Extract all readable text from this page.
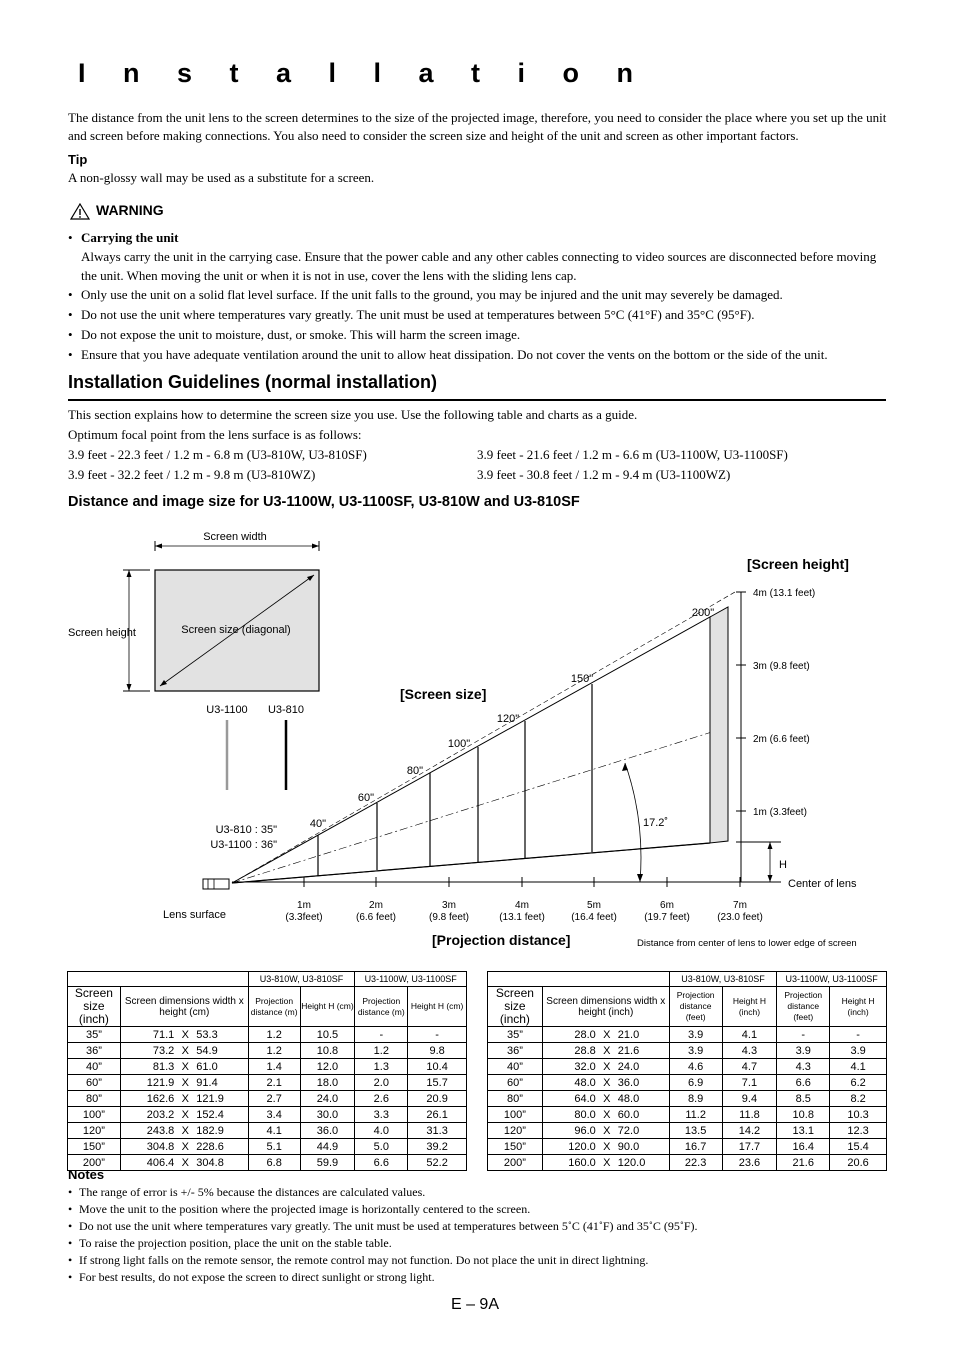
I n s t a l l a t i o n
The distance from the unit lens to the screen determines to the size of the projected image, therefore, you need to consider the place where you set up the unit and screen before making connections. You also need to consider the screen size and height of the unit and screen as other important factors.
Tip
A non-glossy wall may be used as a substitute for a screen.
WARNING
• Carrying the unit
Always carry the unit in the carrying case. Ensure that the power cable and any other cables connecting to video sources are disconnected before moving the unit. When moving the unit or when it is not in use, cover the lens with the sliding lens cap.
• Only use the unit on a solid flat level surface. If the unit falls to the ground, you may be injured and the unit may severely be damaged.
• Do not use the unit where temperatures vary greatly. The unit must be used at temperatures between 5°C (41°F) and 35°C (95°F).
• Do not expose the unit to moisture, dust, or smoke. This will harm the screen image.
• Ensure that you have adequate ventilation around the unit to allow heat dissipation. Do not cover the vents on the bottom or the side of the unit.
Installation Guidelines (normal installation)
This section explains how to determine the screen size you use. Use the following table and charts as a guide.
Optimum focal point from the lens surface is as follows:
3.9 feet - 22.3 feet / 1.2 m - 6.8 m (U3-810W, U3-810SF)	3.9 feet - 21.6 feet / 1.2 m - 6.6 m (U3-1100W, U3-1100SF)
3.9 feet - 32.2 feet / 1.2 m - 9.8 m (U3-810WZ)	3.9 feet - 30.8 feet / 1.2 m - 9.4 m (U3-1100WZ)
Distance and image size for U3-1100W, U3-1100SF, U3-810W and U3-810SF
Screen width
Screen size (diagonal)
Screen height
U3-1100 U3-810
U3-810 : 35"
U3-1100 : 36"
Lens surface
40"
60"
80"
100"
120"
150"
200"
[Screen size]
17.2˚
[Screen height]
4m (13.1 feet)
3m (9.8 feet)
2m (6.6 feet)
1m (3.3feet)
H
Center of lens
1m	2m	3m	4m	5m	6m	7m
(3.3feet)	(6.6 feet)	(9.8 feet)	(13.1 feet)	(16.4 feet)	(19.7 feet)	(23.0 feet)
[Projection distance]	Distance from center of lens to lower edge of screen
		U3-810W, U3-810SF		U3-1100W, U3-1100SF	
Screen size (inch)	Screen dimensions width x height (cm)	Projection distance (m)	Height H (cm)	Projection distance (m)	Height H (cm)
35”	71.1 X 53.3	1.2	10.5	-	-
36”	73.2 X 54.9	1.2	10.8	1.2	9.8
40”	81.3 X 61.0	1.4	12.0	1.3	10.4
60”	121.9 X 91.4	2.1	18.0	2.0	15.7
80”	162.6 X 121.9	2.7	24.0	2.6	20.9
100”	203.2 X 152.4	3.4	30.0	3.3	26.1
120”	243.8 X 182.9	4.1	36.0	4.0	31.3
150”	304.8 X 228.6	5.1	44.9	5.0	39.2
200”	406.4 X 304.8	6.8	59.9	6.6	52.2
		U3-810W, U3-810SF		U3-1100W, U3-1100SF	
Screen size (inch)	Screen dimensions width x height (inch)	Projection distance (feet)	Height H (inch)	Projection distance (feet)	Height H (inch)
35”	28.0 X 21.0	3.9	4.1	-	-
36”	28.8 X 21.6	3.9	4.3	3.9	3.9
40”	32.0 X 24.0	4.6	4.7	4.3	4.1
60”	48.0 X 36.0	6.9	7.1	6.6	6.2
80”	64.0 X 48.0	8.9	9.4	8.5	8.2
100”	80.0 X 60.0	11.2	11.8	10.8	10.3
120”	96.0 X 72.0	13.5	14.2	13.1	12.3
150”	120.0 X 90.0	16.7	17.7	16.4	15.4
200”	160.0 X 120.0	22.3	23.6	21.6	20.6
Notes
• The range of error is +/- 5% because the distances are calculated values.
• Move the unit to the position where the projected image is horizontally centered to the screen.
• Do not use the unit where temperatures vary greatly. The unit must be used at temperatures between 5˚C (41˚F) and 35˚C (95˚F).
• To raise the projection position, place the unit on the stable table.
• If strong light falls on the remote sensor, the remote control may not function. Do not place the unit in direct lightning.
• For best results, do not expose the screen to direct sunlight or strong light.
E – 9A
